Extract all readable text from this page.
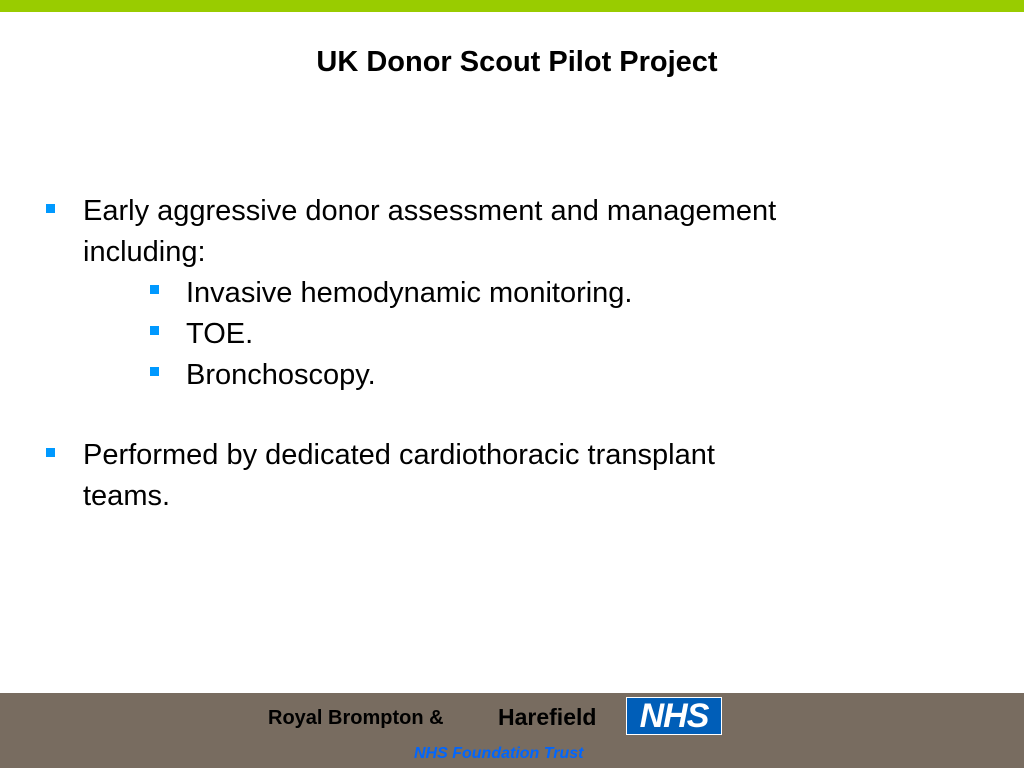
UK Donor Scout Pilot Project
Early aggressive donor assessment and management
including:
Invasive hemodynamic monitoring.
TOE.
Bronchoscopy.
Performed by dedicated cardiothoracic transplant
teams.
Royal Brompton & Harefield	NHS
NHS Foundation Trust
